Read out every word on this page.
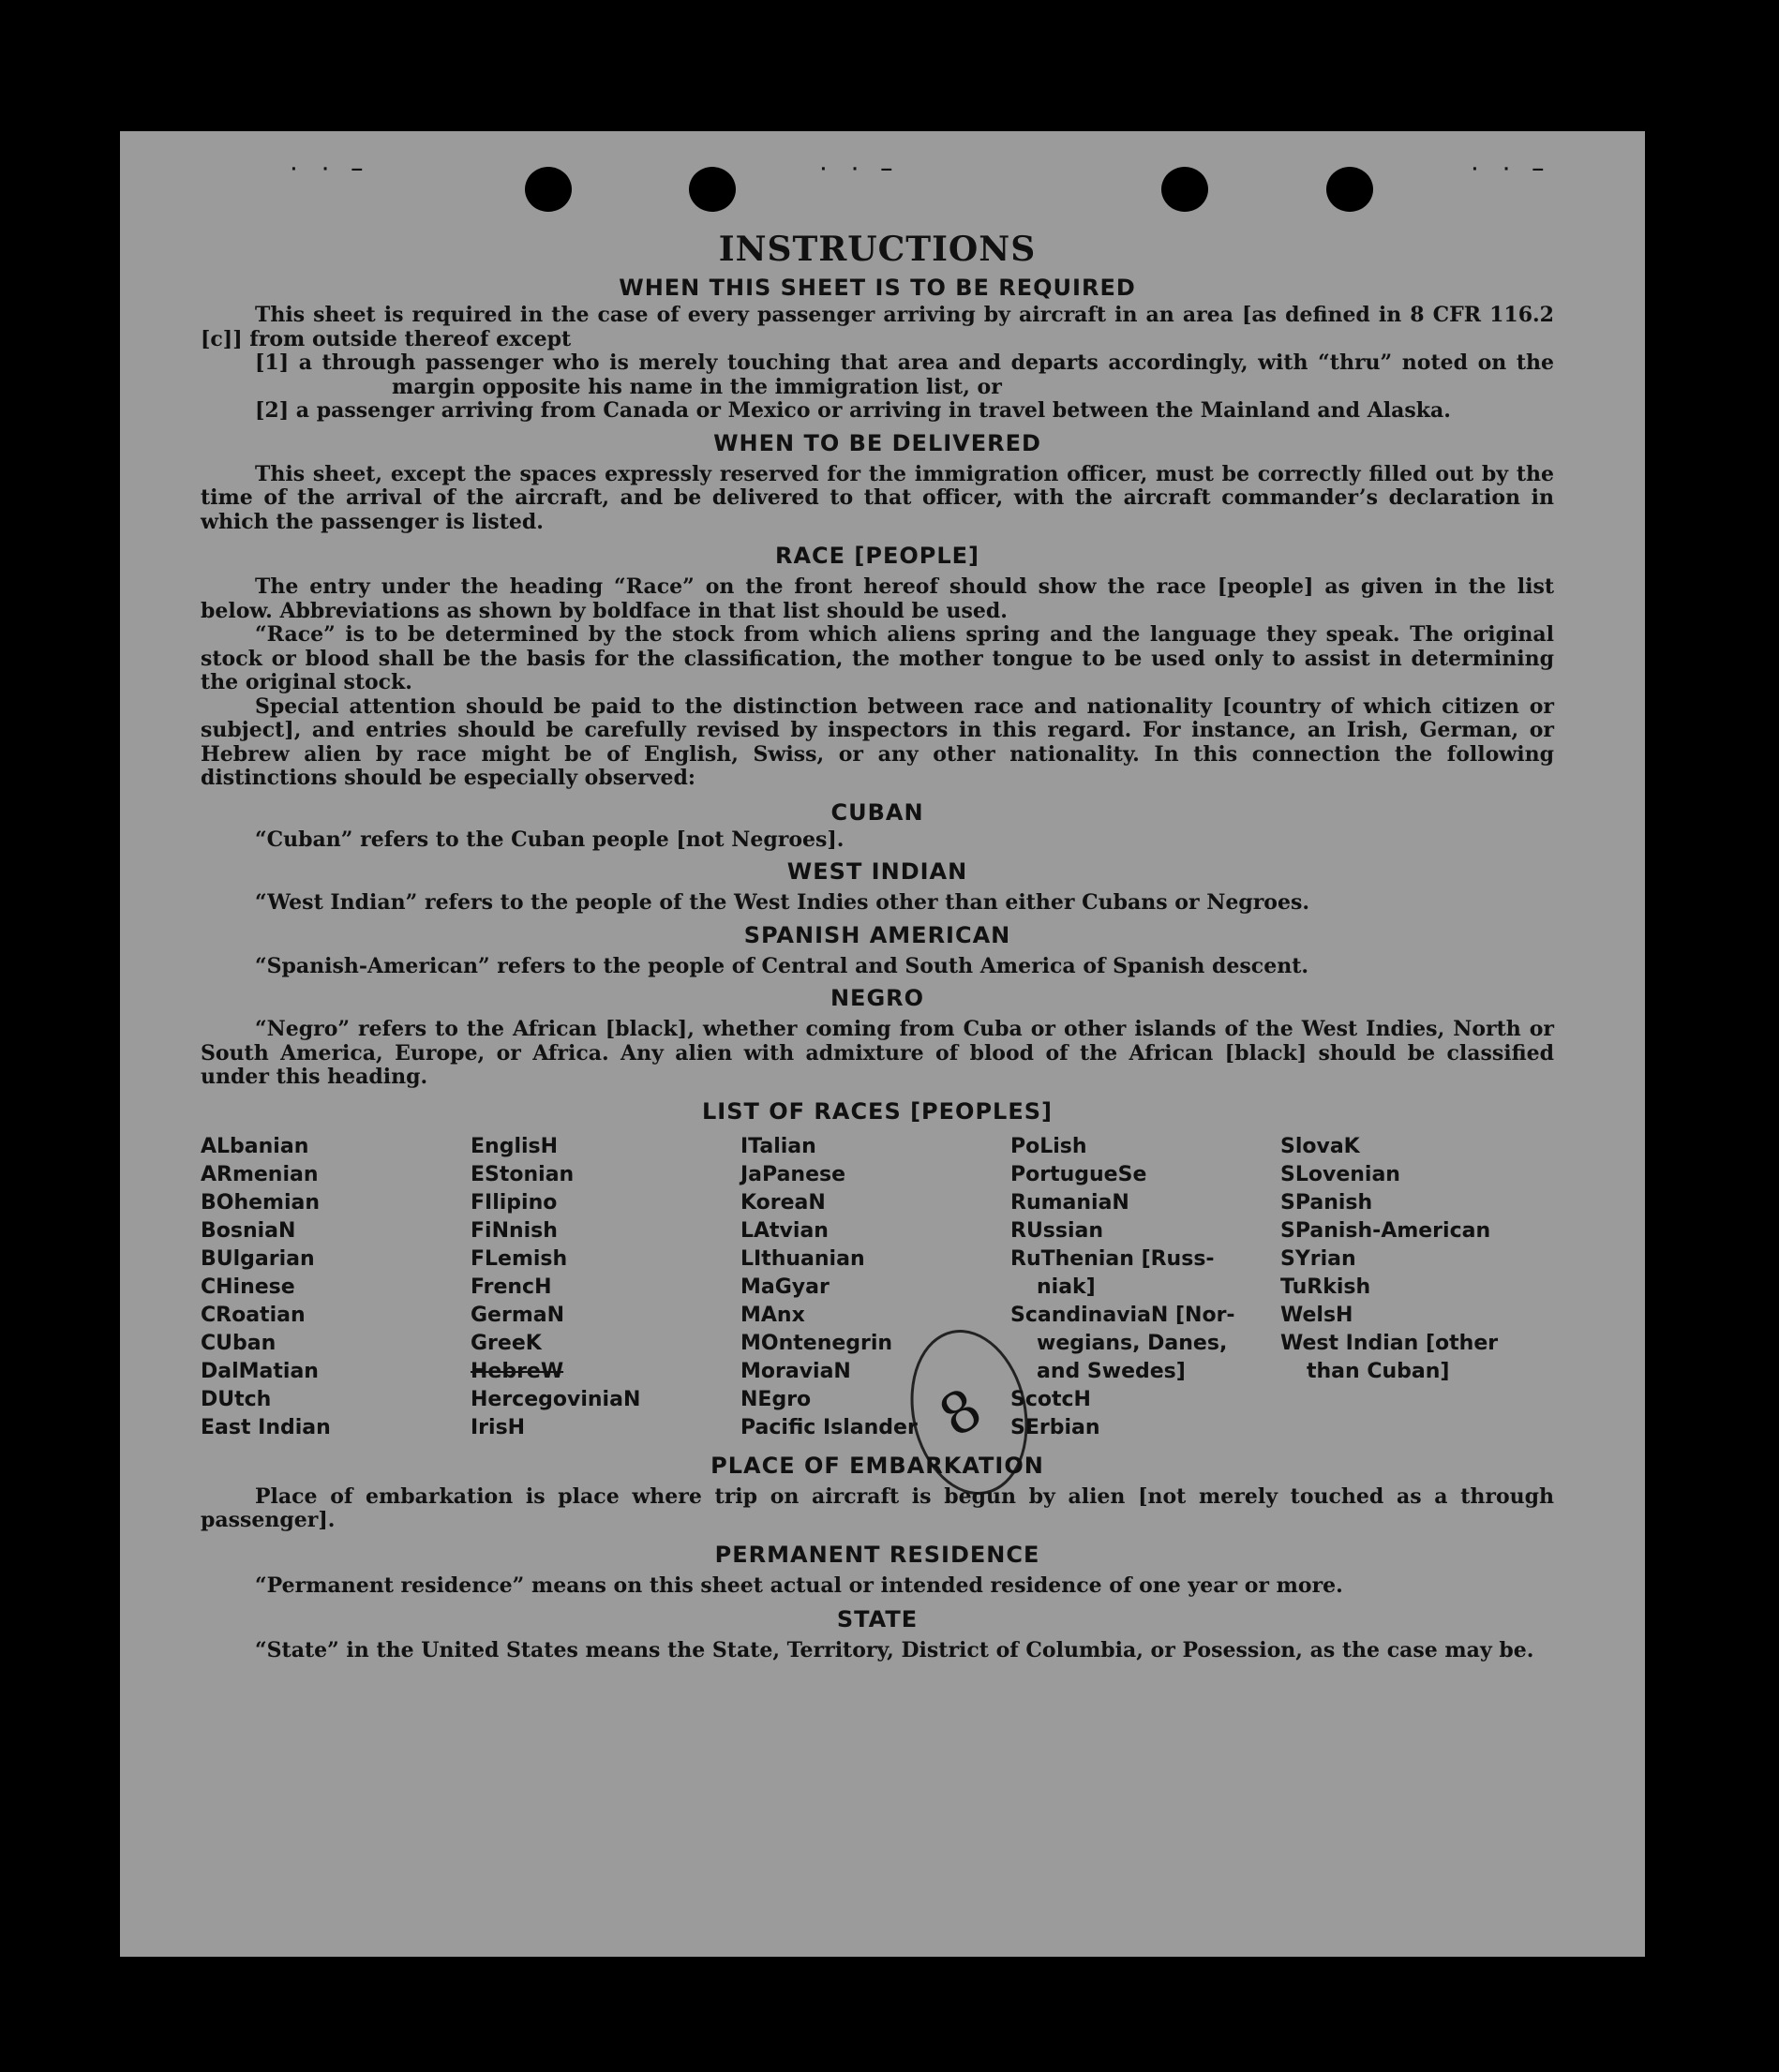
· · ‒	· · ‒	· · ‒
8
INSTRUCTIONS
WHEN THIS SHEET IS TO BE REQUIRED

This sheet is required in the case of every passenger arriving by aircraft in an area [as defined in 8 CFR 116.2 [c]] from outside thereof except

[1] a through passenger who is merely touching that area and departs accordingly, with “thru” noted on the margin opposite his name in the immigration list, or

[2] a passenger arriving from Canada or Mexico or arriving in travel between the Mainland and Alaska.

WHEN TO BE DELIVERED

This sheet, except the spaces expressly reserved for the immigration officer, must be correctly filled out by the time of the arrival of the aircraft, and be delivered to that officer, with the aircraft commander’s declaration in which the passenger is listed.

RACE [PEOPLE]

The entry under the heading “Race” on the front hereof should show the race [people] as given in the list below. Abbreviations as shown by boldface in that list should be used.

“Race” is to be determined by the stock from which aliens spring and the language they speak. The original stock or blood shall be the basis for the classification, the mother tongue to be used only to assist in determining the original stock.

Special attention should be paid to the distinction between race and nationality [country of which citizen or subject], and entries should be carefully revised by inspectors in this regard. For instance, an Irish, German, or Hebrew alien by race might be of English, Swiss, or any other nationality. In this connection the following distinctions should be especially observed:

CUBAN

“Cuban” refers to the Cuban people [not Negroes].

WEST INDIAN

“West Indian” refers to the people of the West Indies other than either Cubans or Negroes.

SPANISH AMERICAN

“Spanish-American” refers to the people of Central and South America of Spanish descent.

NEGRO

“Negro” refers to the African [black], whether coming from Cuba or other islands of the West Indies, North or South America, Europe, or Africa. Any alien with admixture of blood of the African [black] should be classified under this heading.

LIST OF RACES [PEOPLES]
ALbanian
ARmenian
BOhemian
BosniaN
BUlgarian
CHinese
CRoatian
CUban
DalMatian
DUtch
East Indian
EnglisH
EStonian
FIlipino
FiNnish
FLemish
FrencH
GermaN
GreeK
HebreW
HercegovinіaN
IrisH
ITalian
JaPanese
KoreaN
LAtvian
LIthuanian
MaGyar
MAnx
MOntenegrin
MoraviaN
NEgro
Pacific Islander
PoLish
PortugueSe
RumaniaN
RUssian
RuThenian [Russ-
niak]
ScandinaviaN [Nor-
wegians, Danes,
and Swedes]
ScotcH
SErbian
SlovaK
SLovenian
SPanish
SPanish-American
SYrian
TuRkish
WelsH
West Indian [other
than Cuban]
PLACE OF EMBARKATION

Place of embarkation is place where trip on aircraft is begun by alien [not merely touched as a through passenger].

PERMANENT RESIDENCE

“Permanent residence” means on this sheet actual or intended residence of one year or more.

STATE

“State” in the United States means the State, Territory, District of Columbia, or Posession, as the case may be.
